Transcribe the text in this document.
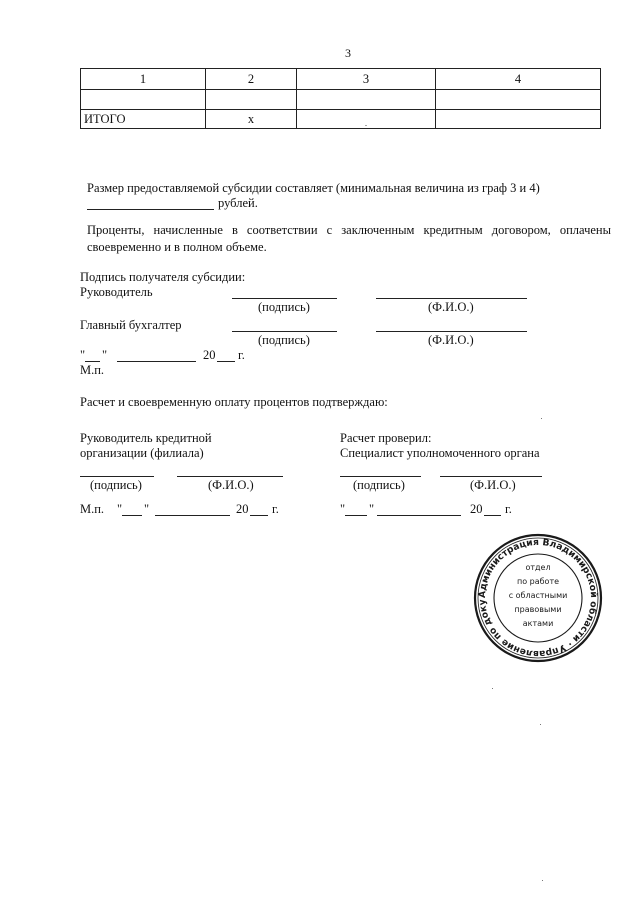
3
1	2	3	4

ИТОГО	x	.	
Размер предоставляемой субсидии составляет (минимальная величина из граф 3 и 4)
рублей.
Проценты, начисленные в соответствии с заключенным кредитным договором, оплачены своевременно и в полном объеме.
Подпись получателя субсидии:
Руководитель
(подпись)	(Ф.И.О.)
Главный бухгалтер
(подпись)	(Ф.И.О.)
" "	20 г.
М.п.
Расчет и своевременную оплату процентов подтверждаю:
Руководитель кредитной
организации (филиала)
(подпись)	(Ф.И.О.)
М.п. " "	20 г.
Расчет проверил:
Специалист уполномоченного органа
(подпись)	(Ф.И.О.)
" "	20 г.
Администрация Владимирской области · Управление по доку
отдел
по работе
с областными
правовыми
актами
